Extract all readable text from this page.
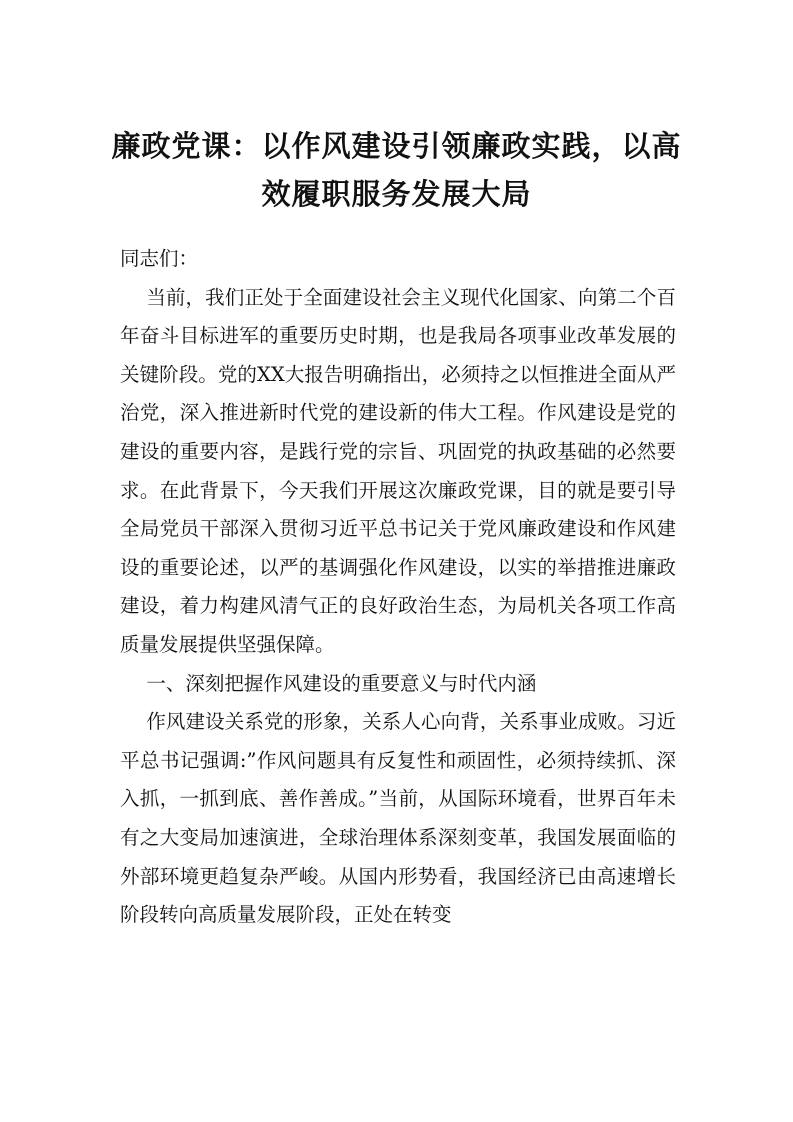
廉政党课：以作风建设引领廉政实践，以高效履职服务发展大局

同志们：

当前，我们正处于全面建设社会主义现代化国家、向第二个百年奋斗目标进军的重要历史时期，也是我局各项事业改革发展的关键阶段。党的XX大报告明确指出，必须持之以恒推进全面从严治党，深入推进新时代党的建设新的伟大工程。作风建设是党的建设的重要内容，是践行党的宗旨、巩固党的执政基础的必然要求。在此背景下，今天我们开展这次廉政党课，目的就是要引导全局党员干部深入贯彻习近平总书记关于党风廉政建设和作风建设的重要论述，以严的基调强化作风建设，以实的举措推进廉政建设，着力构建风清气正的良好政治生态，为局机关各项工作高质量发展提供坚强保障。

一、深刻把握作风建设的重要意义与时代内涵

作风建设关系党的形象，关系人心向背，关系事业成败。习近平总书记强调:”作风问题具有反复性和顽固性，必须持续抓、深入抓，一抓到底、善作善成。”当前，从国际环境看，世界百年未有之大变局加速演进，全球治理体系深刻变革，我国发展面临的外部环境更趋复杂严峻。从国内形势看，我国经济已由高速增长阶段转向高质量发展阶段，正处在转变
